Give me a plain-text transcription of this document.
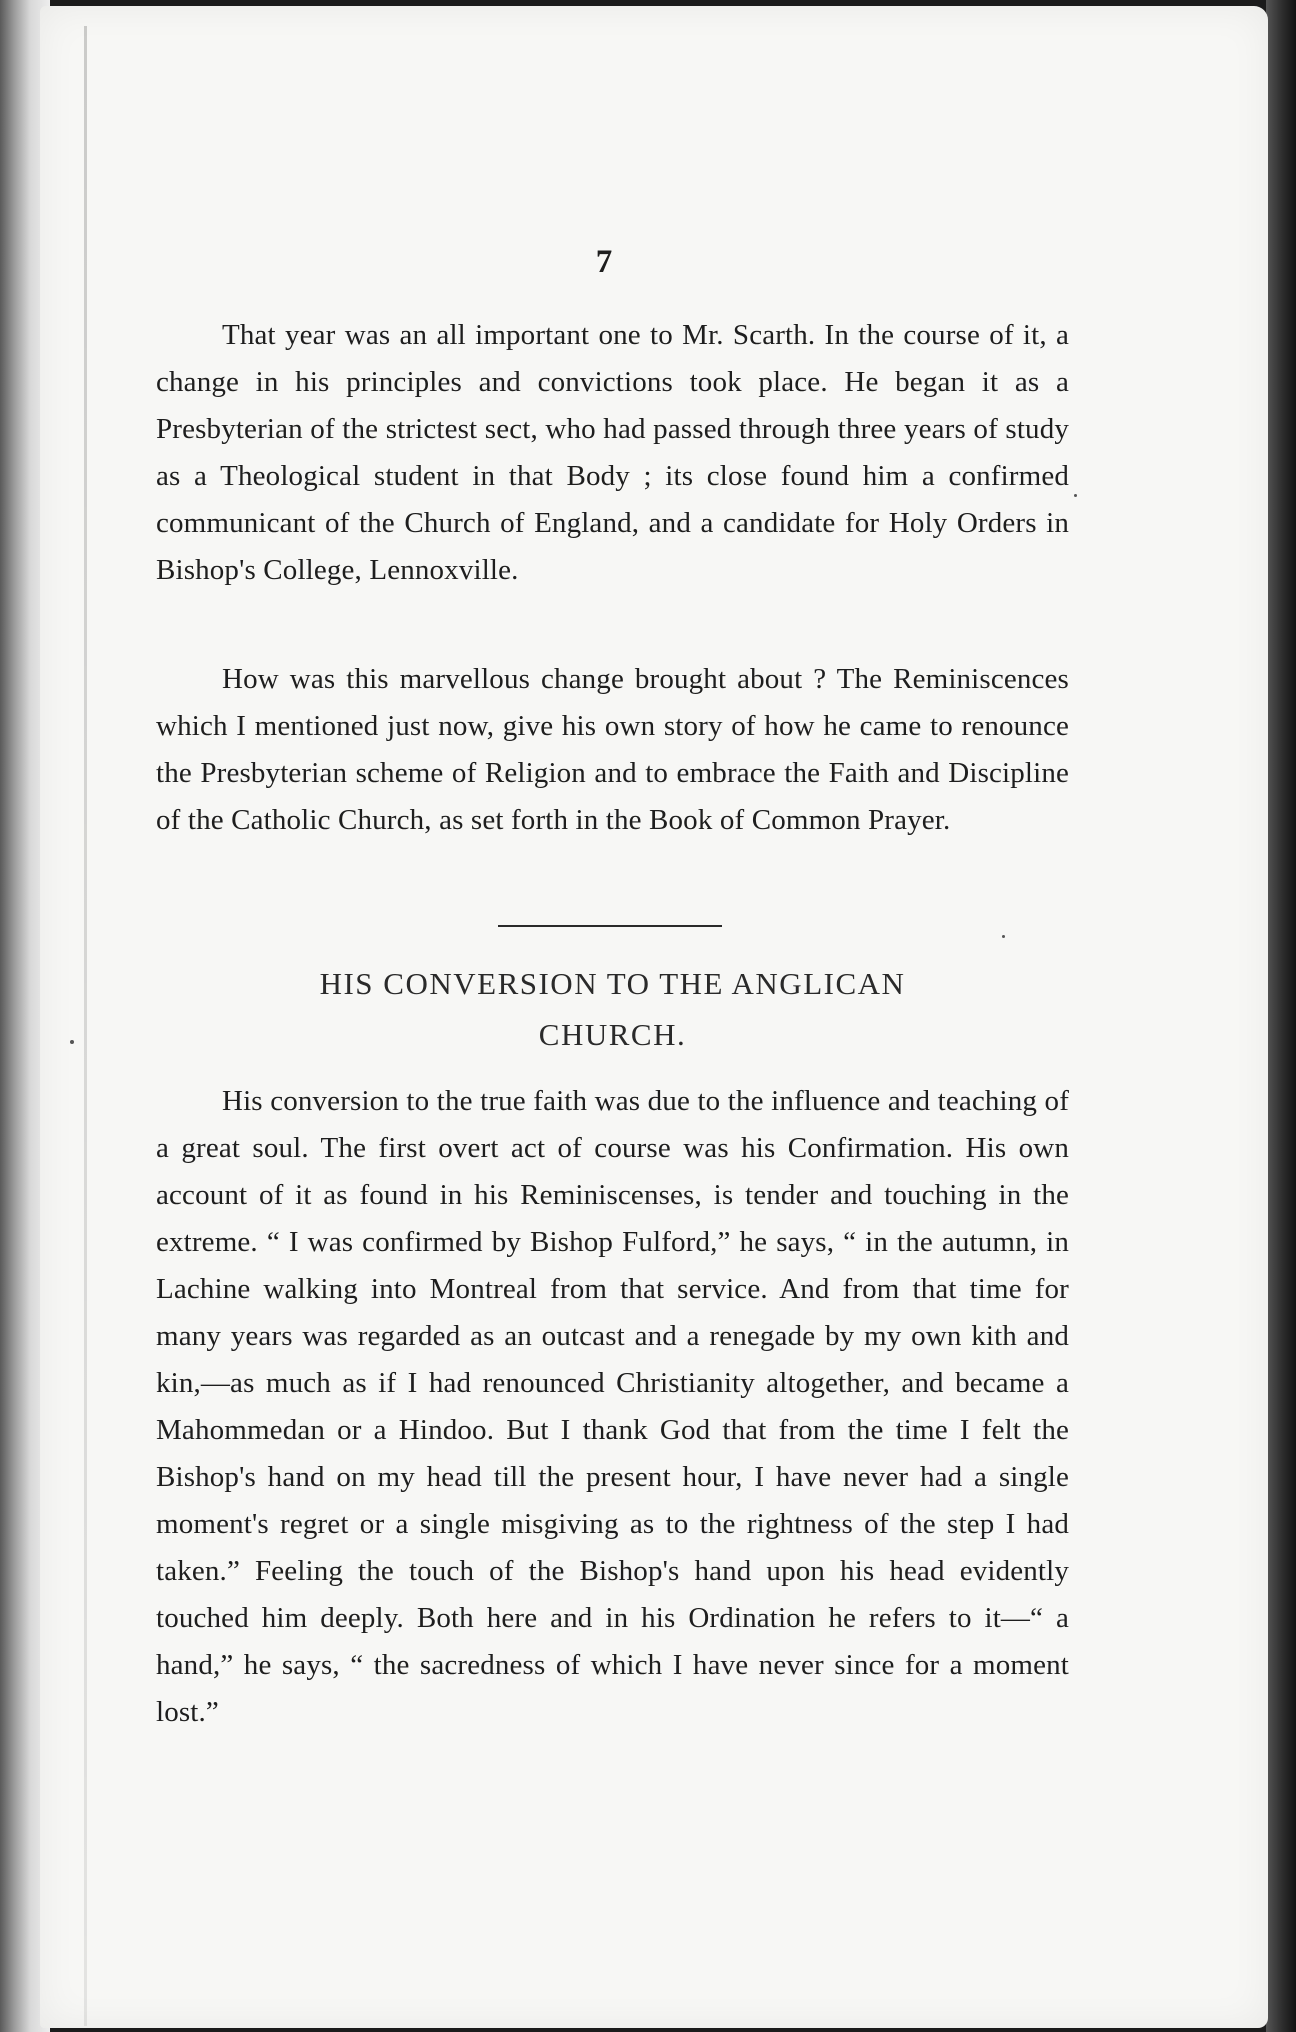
7

That year was an all important one to Mr. Scarth. In the course of it, a change in his principles and convictions took place. He began it as a Presbyterian of the strictest sect, who had passed through three years of study as a Theological student in that Body ; its close found him a confirmed communicant of the Church of England, and a candidate for Holy Orders in Bishop's College, Lennoxville.

How was this marvellous change brought about ? The Reminiscences which I mentioned just now, give his own story of how he came to renounce the Presbyterian scheme of Religion and to embrace the Faith and Discipline of the Catholic Church, as set forth in the Book of Common Prayer.

HIS CONVERSION TO THE ANGLICAN
CHURCH.

His conversion to the true faith was due to the influence and teaching of a great soul. The first overt act of course was his Confirmation. His own account of it as found in his Reminiscenses, is tender and touching in the extreme. “ I was confirmed by Bishop Fulford,” he says, “ in the autumn, in Lachine walking into Montreal from that service. And from that time for many years was regarded as an outcast and a renegade by my own kith and kin,—as much as if I had renounced Christianity altogether, and became a Mahommedan or a Hindoo. But I thank God that from the time I felt the Bishop's hand on my head till the present hour, I have never had a single moment's regret or a single misgiving as to the rightness of the step I had taken.” Feeling the touch of the Bishop's hand upon his head evidently touched him deeply. Both here and in his Ordination he refers to it—“ a hand,” he says, “ the sacredness of which I have never since for a moment lost.”
